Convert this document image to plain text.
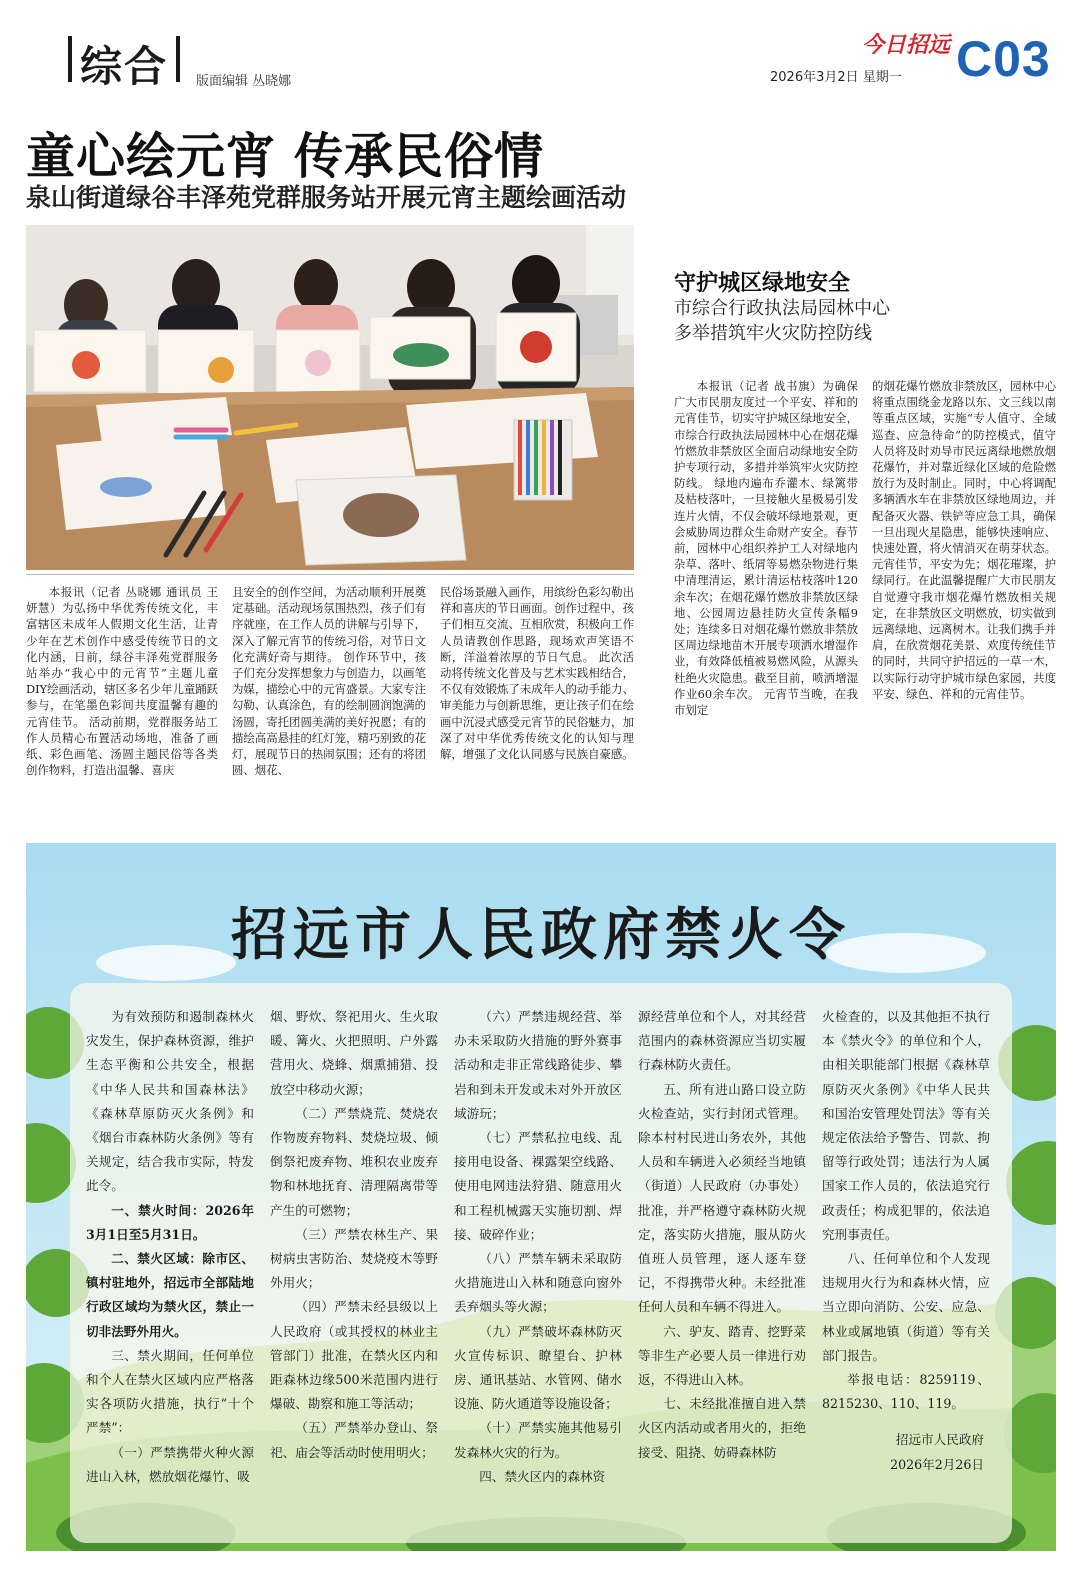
综合 版面编辑 丛晓娜
今日招远
2026年3月2日 星期一 C03
童心绘元宵 传承民俗情
泉山街道绿谷丰泽苑党群服务站开展元宵主题绘画活动

本报讯（记者 丛晓娜 通讯员 王妍慧）为弘扬中华优秀传统文化，丰富辖区未成年人假期文化生活，让青少年在艺术创作中感受传统节日的文化内涵，日前，绿谷丰泽苑党群服务站举办“我心中的元宵节”主题儿童DIY绘画活动，辖区多名少年儿童踊跃参与，在笔墨色彩间共度温馨有趣的元宵佳节。 活动前期，党群服务站工作人员精心布置活动场地，准备了画纸、彩色画笔、汤圆主题民俗等各类创作物料，打造出温馨、喜庆

且安全的创作空间，为活动顺利开展奠定基础。活动现场氛围热烈，孩子们有序就座，在工作人员的讲解与引导下，深入了解元宵节的传统习俗，对节日文化充满好奇与期待。 创作环节中，孩子们充分发挥想象力与创造力，以画笔为媒，描绘心中的元宵盛景。大家专注勾勒、认真涂色，有的绘制圆润饱满的汤圆，寄托团圆美满的美好祝愿；有的描绘高高悬挂的红灯笼，精巧别致的花灯，展现节日的热闹氛围；还有的将团圆、烟花、

民俗场景融入画作，用缤纷色彩勾勒出祥和喜庆的节日画面。创作过程中，孩子们相互交流、互相欣赏，积极向工作人员请教创作思路，现场欢声笑语不断，洋溢着浓厚的节日气息。 此次活动将传统文化普及与艺术实践相结合，不仅有效锻炼了未成年人的动手能力、审美能力与创新思维，更让孩子们在绘画中沉浸式感受元宵节的民俗魅力，加深了对中华优秀传统文化的认知与理解，增强了文化认同感与民族自豪感。

守护城区绿地安全
市综合行政执法局园林中心
多举措筑牢火灾防控防线

本报讯（记者 战书旗）为确保广大市民朋友度过一个平安、祥和的元宵佳节，切实守护城区绿地安全，市综合行政执法局园林中心在烟花爆竹燃放非禁放区全面启动绿地安全防护专项行动，多措并举筑牢火灾防控防线。 绿地内遍布乔灌木、绿篱带及枯枝落叶，一旦接触火星极易引发连片火情，不仅会破坏绿地景观，更会威胁周边群众生命财产安全。春节前，园林中心组织养护工人对绿地内杂草、落叶、纸屑等易燃杂物进行集中清理清运，累计清运枯枝落叶120余车次；在烟花爆竹燃放非禁放区绿地、公园周边悬挂防火宣传条幅9处；连续多日对烟花爆竹燃放非禁放区周边绿地苗木开展专项洒水增湿作业，有效降低植被易燃风险，从源头杜绝火灾隐患。截至目前，喷洒增湿作业60余车次。 元宵节当晚，在我市划定

的烟花爆竹燃放非禁放区，园林中心将重点围绕金龙路以东、文三线以南等重点区域，实施“专人值守、全域巡查、应急待命”的防控模式，值守人员将及时劝导市民远离绿地燃放烟花爆竹，并对靠近绿化区域的危险燃放行为及时制止。同时，中心将调配多辆洒水车在非禁放区绿地周边，并配备灭火器、铁铲等应急工具，确保一旦出现火星隐患，能够快速响应、快速处置，将火情消灭在萌芽状态。 元宵佳节，平安为先；烟花璀璨，护绿同行。在此温馨提醒广大市民朋友自觉遵守我市烟花爆竹燃放相关规定，在非禁放区文明燃放，切实做到远离绿地、远离树木。让我们携手并肩，在欣赏烟花美景、欢度传统佳节的同时，共同守护招远的一草一木，以实际行动守护城市绿色家园，共度平安、绿色、祥和的元宵佳节。

招远市人民政府禁火令

为有效预防和遏制森林火灾发生，保护森林资源，维护生态平衡和公共安全，根据《中华人民共和国森林法》《森林草原防灭火条例》和《烟台市森林防火条例》等有关规定，结合我市实际，特发此令。

一、禁火时间：2026年3月1日至5月31日。

二、禁火区域：除市区、镇村驻地外，招远市全部陆地行政区域均为禁火区，禁止一切非法野外用火。

三、禁火期间，任何单位和个人在禁火区域内应严格落实各项防火措施，执行“十个严禁”：

（一）严禁携带火种火源进山入林，燃放烟花爆竹、吸

烟、野炊、祭祀用火、生火取暖、篝火、火把照明、户外露营用火、烧蜂、烟熏捕猎、投放空中移动火源；

（二）严禁烧荒、焚烧农作物废弃物料、焚烧垃圾、倾倒祭祀废弃物、堆积农业废弃物和林地抚育、清理隔离带等产生的可燃物；

（三）严禁农林生产、果树病虫害防治、焚烧疫木等野外用火；

（四）严禁未经县级以上人民政府（或其授权的林业主管部门）批准，在禁火区内和距森林边缘500米范围内进行爆破、勘察和施工等活动；

（五）严禁举办登山、祭祀、庙会等活动时使用明火；

（六）严禁违规经营、举办未采取防火措施的野外赛事活动和走非正常线路徒步、攀岩和到未开发或未对外开放区域游玩；

（七）严禁私拉电线、乱接用电设备、裸露架空线路、使用电网违法狩猎、随意用火和工程机械露天实施切割、焊接、破碎作业；

（八）严禁车辆未采取防火措施进山入林和随意向窗外丢弃烟头等火源；

（九）严禁破坏森林防灭火宣传标识、瞭望台、护林房、通讯基站、水管网、储水设施、防火通道等设施设备；

（十）严禁实施其他易引发森林火灾的行为。

四、禁火区内的森林资

源经营单位和个人，对其经营范围内的森林资源应当切实履行森林防火责任。

五、所有进山路口设立防火检查站，实行封闭式管理。除本村村民进山务农外，其他人员和车辆进入必须经当地镇（街道）人民政府（办事处）批准，并严格遵守森林防火规定，落实防火措施，服从防火值班人员管理，逐人逐车登记，不得携带火种。未经批准任何人员和车辆不得进入。

六、驴友、踏青、挖野菜等非生产必要人员一律进行劝返，不得进山入林。

七、未经批准擅自进入禁火区内活动或者用火的，拒绝接受、阻挠、妨碍森林防

火检查的，以及其他拒不执行本《禁火令》的单位和个人，由相关职能部门根据《森林草原防灭火条例》《中华人民共和国治安管理处罚法》等有关规定依法给予警告、罚款、拘留等行政处罚；违法行为人属国家工作人员的，依法追究行政责任；构成犯罪的，依法追究刑事责任。

八、任何单位和个人发现违规用火行为和森林火情，应当立即向消防、公安、应急、林业或属地镇（街道）等有关部门报告。

举报电话：8259119、8215230、110、119。

招远市人民政府

2026年2月26日
